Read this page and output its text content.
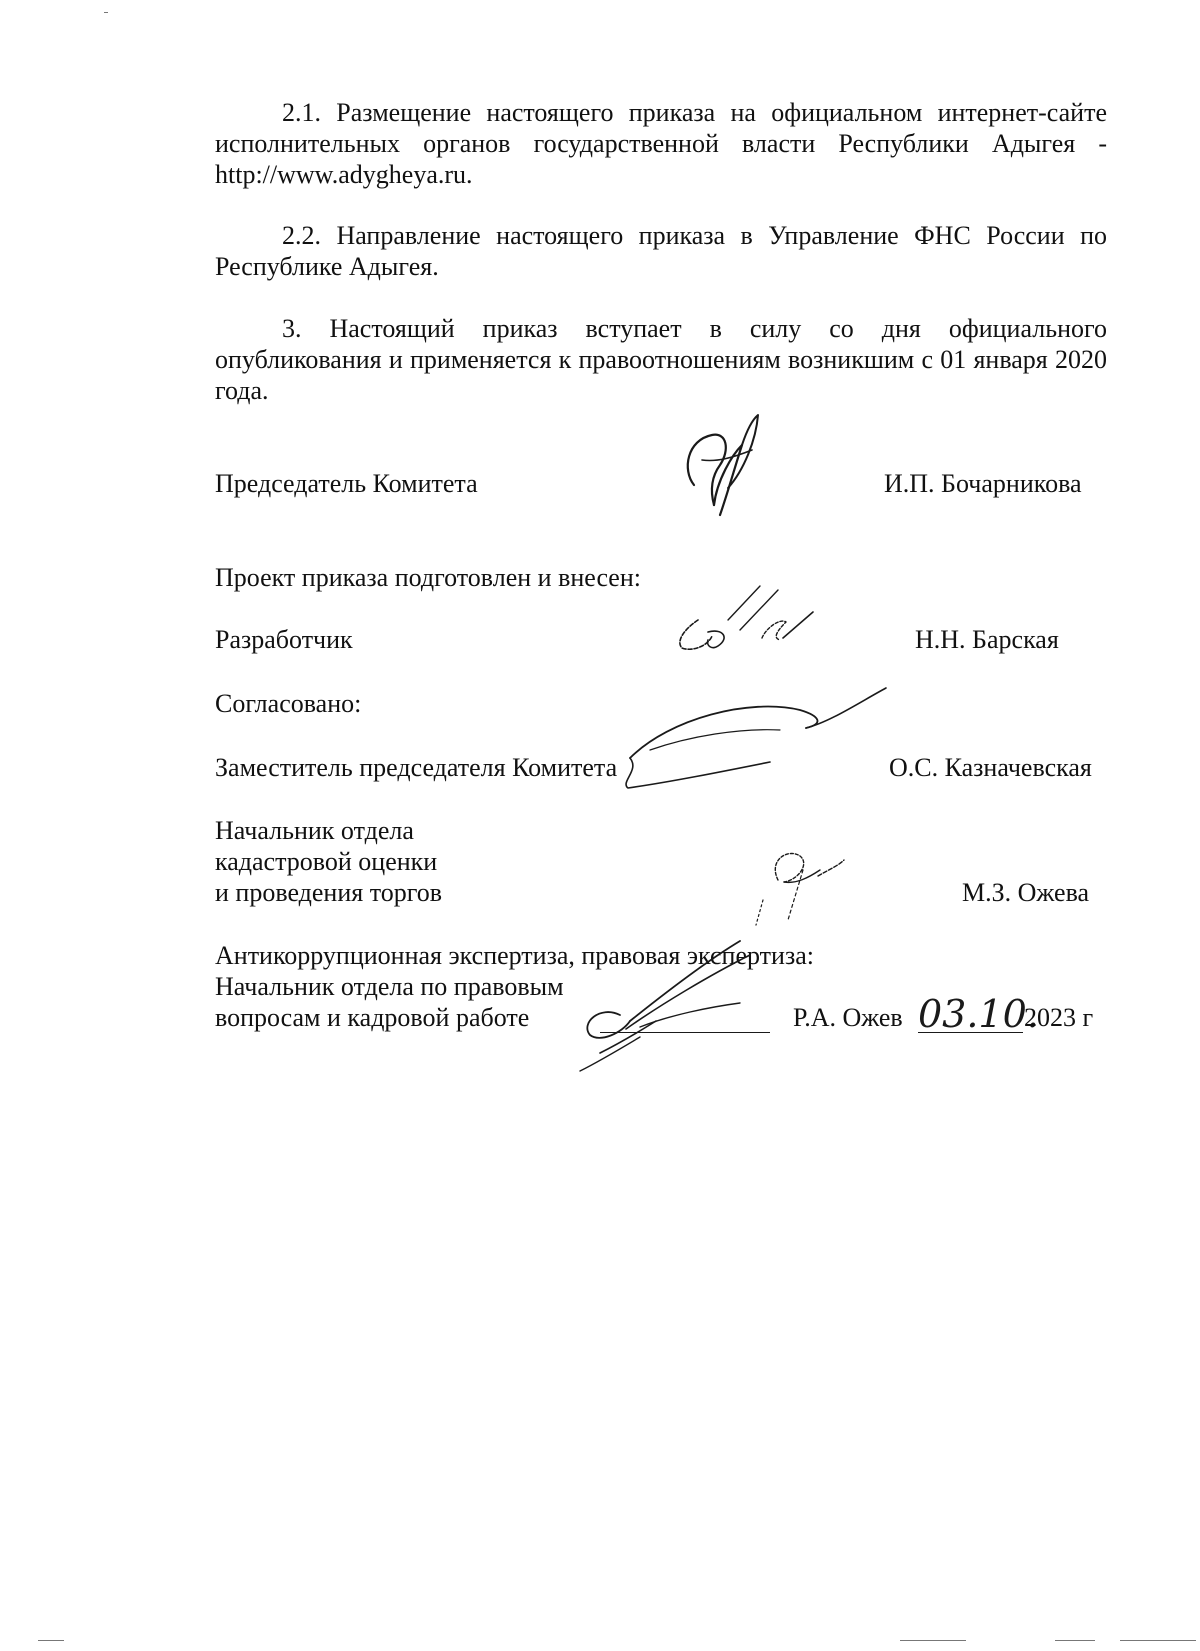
2.1. Размещение настоящего приказа на официальном интернет-сайте исполнительных органов государственной власти Республики Адыгея - http://www.adygheya.ru.
2.2. Направление настоящего приказа в Управление ФНС России по Республике Адыгея.
3. Настоящий приказ вступает в силу со дня официального опубликования и применяется к правоотношениям возникшим с 01 января 2020 года.
Председатель Комитета	И.П. Бочарникова
Проект приказа подготовлен и внесен:
Разработчик	Н.Н. Барская
Согласовано:
Заместитель председателя Комитета	О.С. Казначевская
Начальник отдела
кадастровой оценки
и проведения торгов	М.З. Ожева
Антикоррупционная экспертиза, правовая экспертиза:
Начальник отдела по правовым
вопросам и кадровой работе	Р.А. Ожев 03.10.
2023 г
